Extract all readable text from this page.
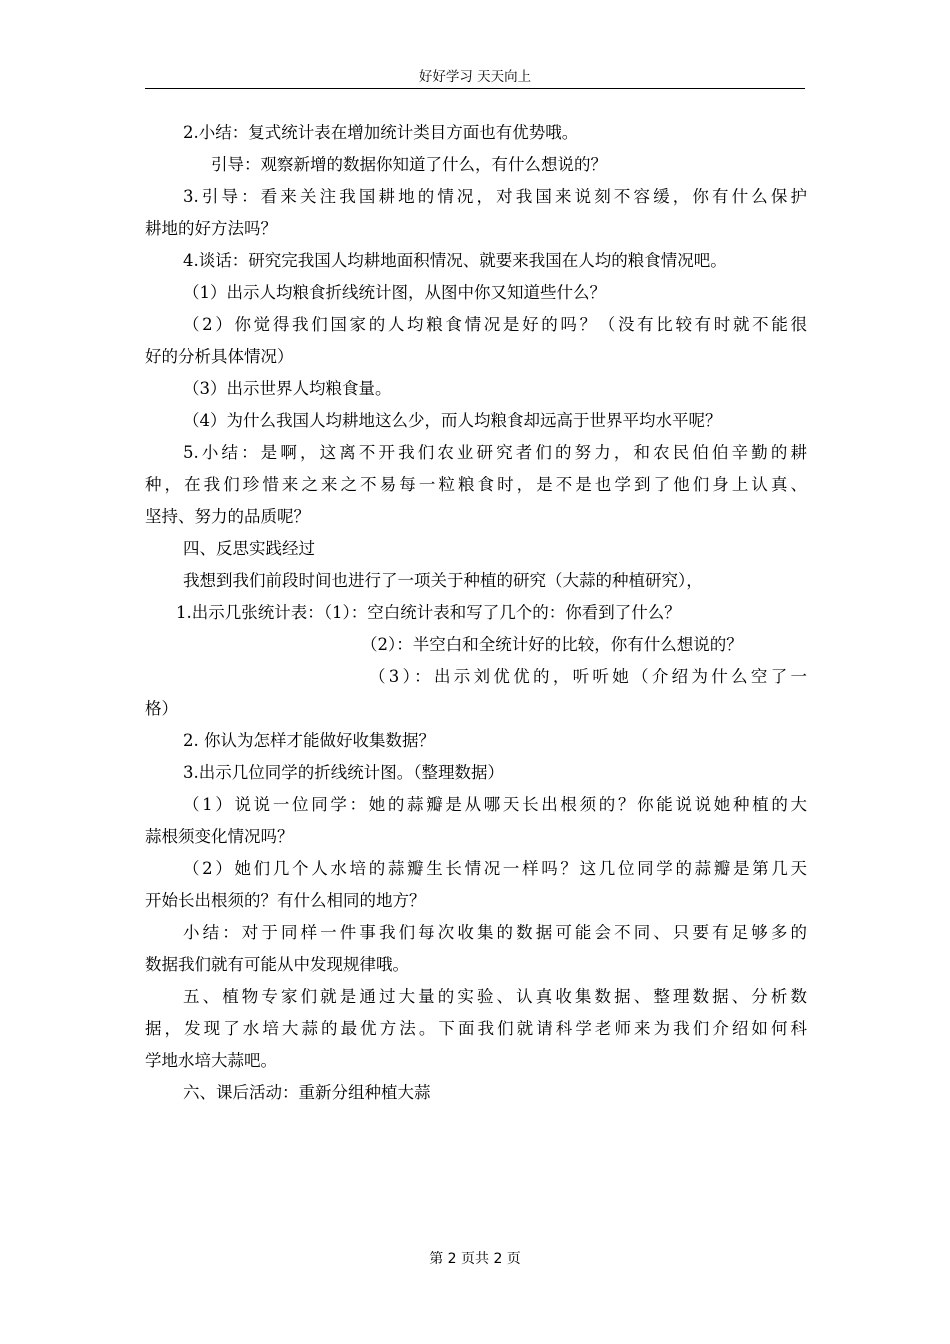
好好学习 天天向上
2.小结：复式统计表在增加统计类目方面也有优势哦。
引导：观察新增的数据你知道了什么，有什么想说的？
3.引导：看来关注我国耕地的情况，对我国来说刻不容缓，你有什么保护
耕地的好方法吗？
4.谈话：研究完我国人均耕地面积情况、就要来我国在人均的粮食情况吧。
（1）出示人均粮食折线统计图，从图中你又知道些什么？
（2）你觉得我们国家的人均粮食情况是好的吗？（没有比较有时就不能很
好的分析具体情况）
（3）出示世界人均粮食量。
（4）为什么我国人均耕地这么少，而人均粮食却远高于世界平均水平呢？
5.小结：是啊，这离不开我们农业研究者们的努力，和农民伯伯辛勤的耕
种，在我们珍惜来之来之不易每一粒粮食时，是不是也学到了他们身上认真、
坚持、努力的品质呢？
四、反思实践经过
我想到我们前段时间也进行了一项关于种植的研究（大蒜的种植研究），
1.出示几张统计表：（1）：空白统计表和写了几个的：你看到了什么？
（2）：半空白和全统计好的比较，你有什么想说的？
（3）：出示刘优优的，听听她（介绍为什么空了一
格）
2. 你认为怎样才能做好收集数据？
3.出示几位同学的折线统计图。（整理数据）
（1）说说一位同学：她的蒜瓣是从哪天长出根须的？你能说说她种植的大
蒜根须变化情况吗？
（2）她们几个人水培的蒜瓣生长情况一样吗？这几位同学的蒜瓣是第几天
开始长出根须的？有什么相同的地方？
小结：对于同样一件事我们每次收集的数据可能会不同、只要有足够多的
数据我们就有可能从中发现规律哦。
五、植物专家们就是通过大量的实验、认真收集数据、整理数据、分析数
据，发现了水培大蒜的最优方法。下面我们就请科学老师来为我们介绍如何科
学地水培大蒜吧。
六、课后活动：重新分组种植大蒜
第 2 页共 2 页
